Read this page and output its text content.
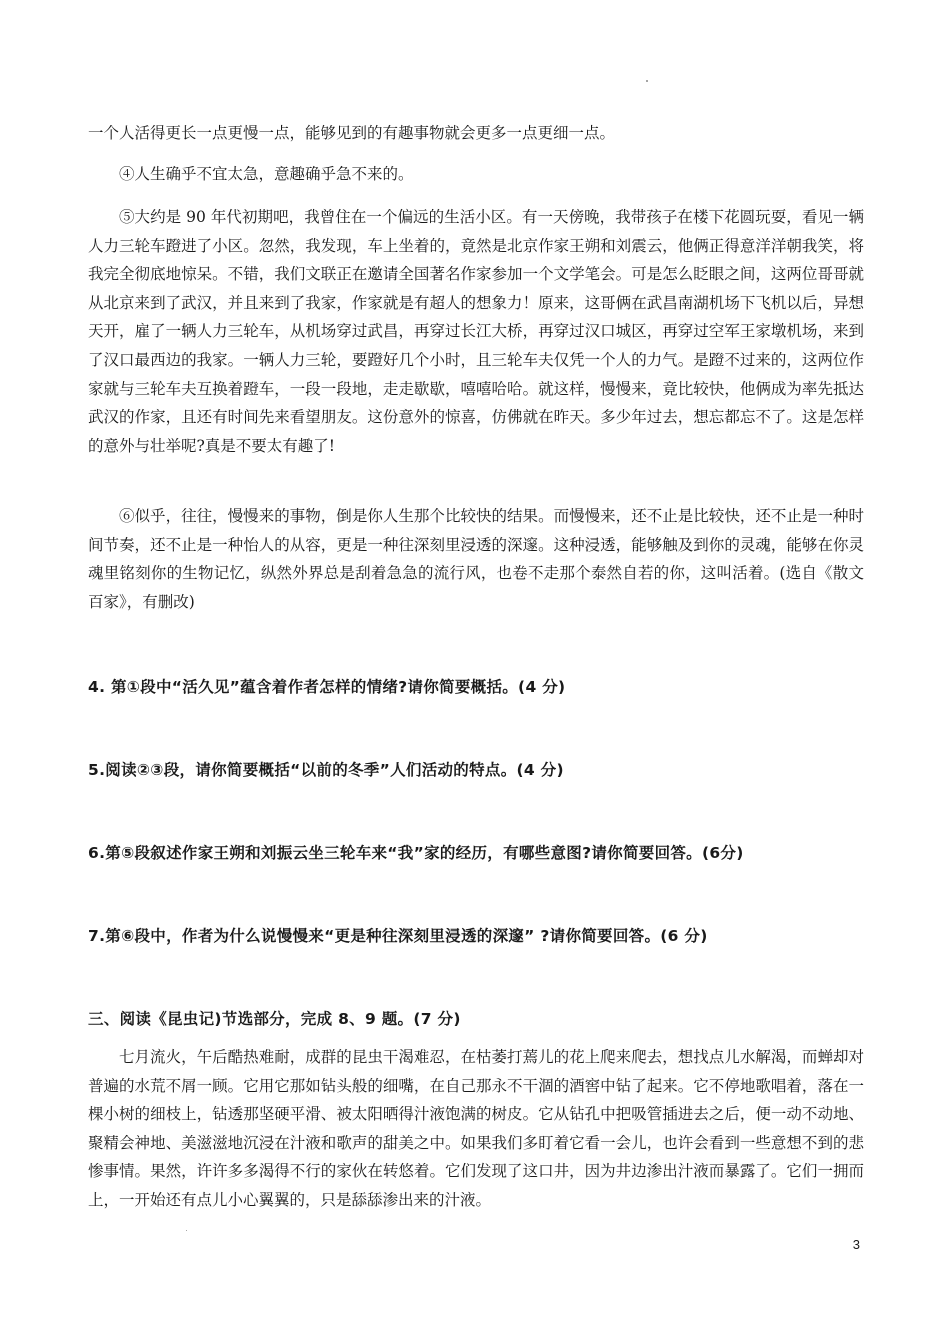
一个人活得更长一点更慢一点，能够见到的有趣事物就会更多一点更细一点。

④人生确乎不宜太急，意趣确乎急不来的。

⑤大约是 90 年代初期吧，我曾住在一个偏远的生活小区。有一天傍晚，我带孩子在楼下花圆玩耍，看见一辆人力三轮车蹬进了小区。忽然，我发现，车上坐着的，竟然是北京作家王朔和刘震云，他俩正得意洋洋朝我笑，将我完全彻底地惊呆。不错，我们文联正在邀请全国著名作家参加一个文学笔会。可是怎么眨眼之间，这两位哥哥就从北京来到了武汉，并且来到了我家，作家就是有超人的想象力！原来，这哥俩在武昌南湖机场下飞机以后，异想天开，雇了一辆人力三轮车，从机场穿过武昌，再穿过长江大桥，再穿过汉口城区，再穿过空军王家墩机场，来到了汉口最西边的我家。一辆人力三轮，要蹬好几个小时，且三轮车夫仅凭一个人的力气。是蹬不过来的，这两位作家就与三轮车夫互换着蹬车，一段一段地，走走歇歇，嘻嘻哈哈。就这样，慢慢来，竟比较快，他俩成为率先抵达武汉的作家，且还有时间先来看望朋友。这份意外的惊喜，仿佛就在昨天。多少年过去，想忘都忘不了。这是怎样的意外与壮举呢?真是不要太有趣了!

⑥似乎，往往，慢慢来的事物，倒是你人生那个比较快的结果。而慢慢来，还不止是比较快，还不止是一种时间节奏，还不止是一种怡人的从容，更是一种往深刻里浸透的深邃。这种浸透，能够触及到你的灵魂，能够在你灵魂里铭刻你的生物记忆，纵然外界总是刮着急急的流行风，也卷不走那个泰然自若的你，这叫活着。(选自《散文百家》，有删改)

4. 第①段中“活久见”蕴含着作者怎样的情绪?请你简要概括。(4 分)

5.阅读②③段，请你简要概括“以前的冬季”人们活动的特点。(4 分)

6.第⑤段叙述作家王朔和刘振云坐三轮车来“我”家的经历，有哪些意图?请你简要回答。(6分)

7.第⑥段中，作者为什么说慢慢来“更是种往深刻里浸透的深邃” ?请你简要回答。(6 分)

三、阅读《昆虫记)节选部分，完成 8、9 题。(7 分)

七月流火，午后酷热难耐，成群的昆虫干渴难忍，在枯萎打蔫儿的花上爬来爬去，想找点儿水解渴，而蝉却对普遍的水荒不屑一顾。它用它那如钻头般的细嘴，在自己那永不干涸的酒窖中钻了起来。它不停地歌唱着，落在一棵小树的细枝上，钻透那坚硬平滑、被太阳晒得汁液饱满的树皮。它从钻孔中把吸管插进去之后，便一动不动地、聚精会神地、美滋滋地沉浸在汁液和歌声的甜美之中。如果我们多盯着它看一会儿，也许会看到一些意想不到的悲惨事情。果然，许许多多渴得不行的家伙在转悠着。它们发现了这口井，因为井边渗出汁液而暴露了。它们一拥而上，一开始还有点儿小心翼翼的，只是舔舔渗出来的汁液。

3
